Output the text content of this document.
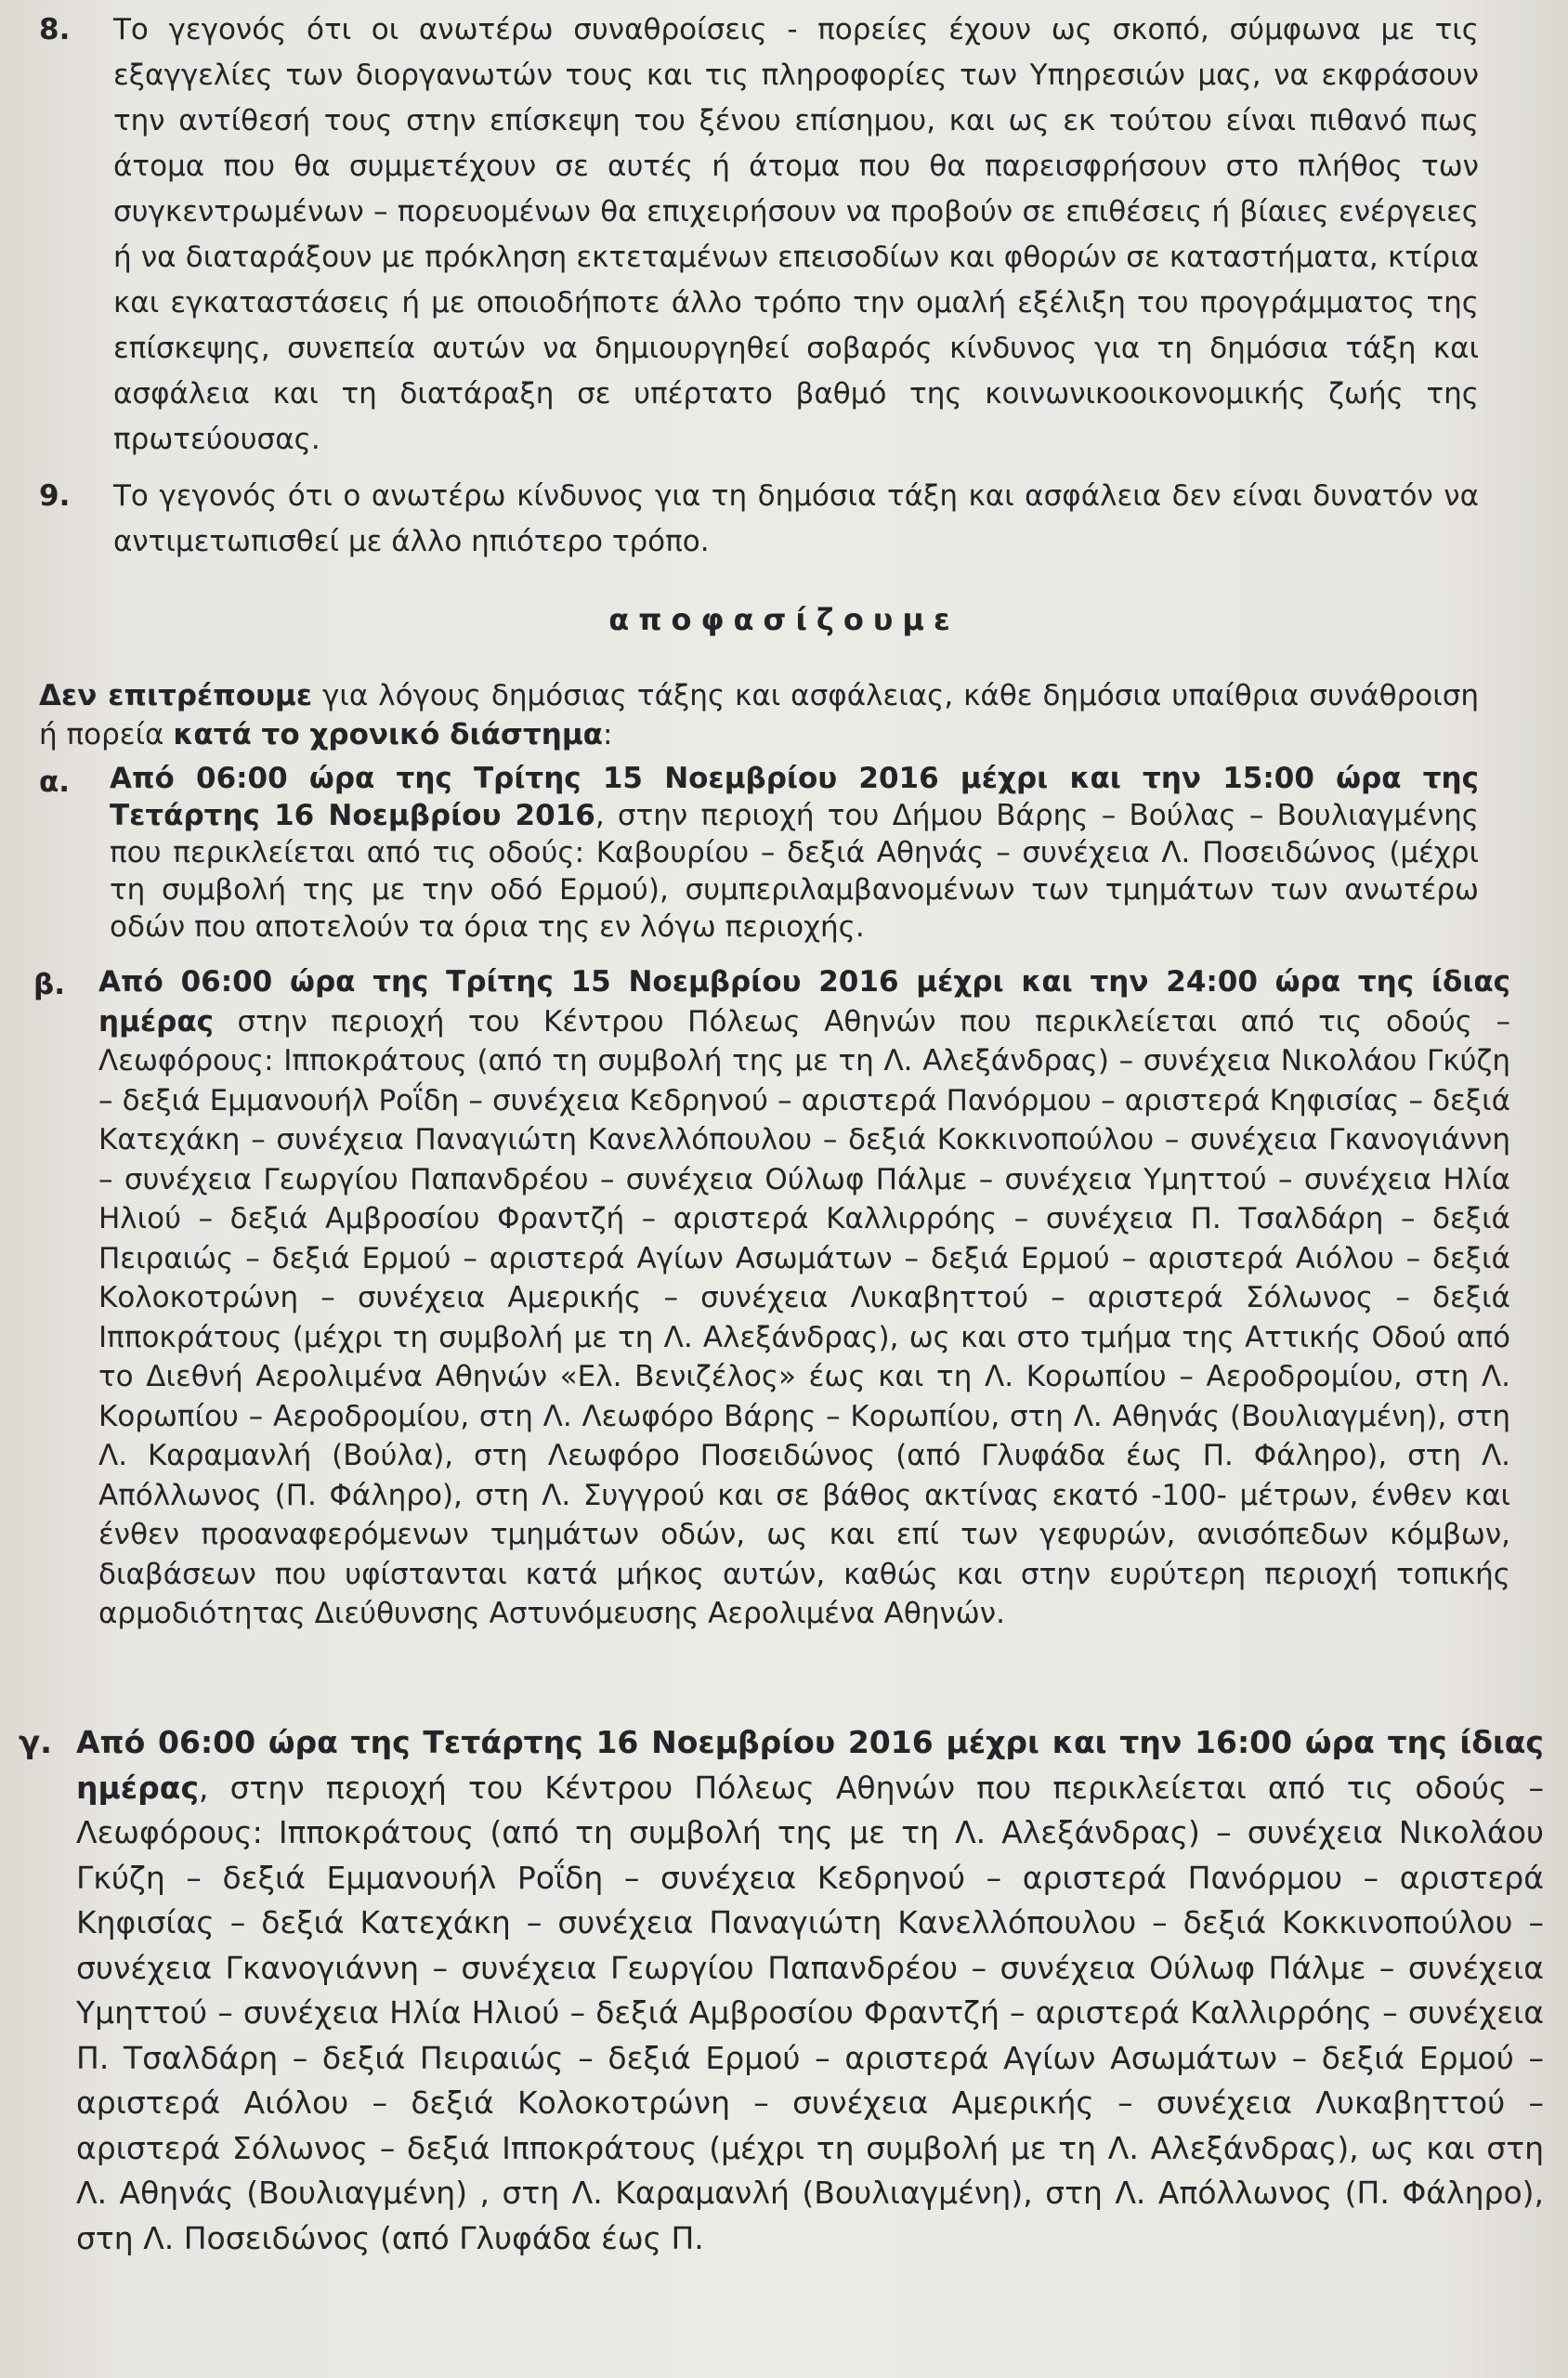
8. Το γεγονός ότι οι ανωτέρω συναθροίσεις - πορείες έχουν ως σκοπό, σύμφωνα με τις εξαγγελίες των διοργανωτών τους και τις πληροφορίες των Υπηρεσιών μας, να εκφράσουν την αντίθεσή τους στην επίσκεψη του ξένου επίσημου, και ως εκ τούτου είναι πιθανό πως άτομα που θα συμμετέχουν σε αυτές ή άτομα που θα παρεισφρήσουν στο πλήθος των συγκεντρωμένων – πορευομένων θα επιχειρήσουν να προβούν σε επιθέσεις ή βίαιες ενέργειες ή να διαταράξουν με πρόκληση εκτεταμένων επεισοδίων και φθορών σε καταστήματα, κτίρια και εγκαταστάσεις ή με οποιοδήποτε άλλο τρόπο την ομαλή εξέλιξη του προγράμματος της επίσκεψης, συνεπεία αυτών να δημιουργηθεί σοβαρός κίνδυνος για τη δημόσια τάξη και ασφάλεια και τη διατάραξη σε υπέρτατο βαθμό της κοινωνικοοικονομικής ζωής της πρωτεύουσας.
9. Το γεγονός ότι ο ανωτέρω κίνδυνος για τη δημόσια τάξη και ασφάλεια δεν είναι δυνατόν να αντιμετωπισθεί με άλλο ηπιότερο τρόπο.
αποφασίζουμε
Δεν επιτρέπουμε για λόγους δημόσιας τάξης και ασφάλειας, κάθε δημόσια υπαίθρια συνάθροιση ή πορεία κατά το χρονικό διάστημα:
α. Από 06:00 ώρα της Τρίτης 15 Νοεμβρίου 2016 μέχρι και την 15:00 ώρα της Τετάρτης 16 Νοεμβρίου 2016, στην περιοχή του Δήμου Βάρης – Βούλας – Βουλιαγμένης που περικλείεται από τις οδούς: Καβουρίου – δεξιά Αθηνάς – συνέχεια Λ. Ποσειδώνος (μέχρι τη συμβολή της με την οδό Ερμού), συμπεριλαμβανομένων των τμημάτων των ανωτέρω οδών που αποτελούν τα όρια της εν λόγω περιοχής.
β. Από 06:00 ώρα της Τρίτης 15 Νοεμβρίου 2016 μέχρι και την 24:00 ώρα της ίδιας ημέρας στην περιοχή του Κέντρου Πόλεως Αθηνών που περικλείεται από τις οδούς – Λεωφόρους: Ιπποκράτους (από τη συμβολή της με τη Λ. Αλεξάνδρας) – συνέχεια Νικολάου Γκύζη – δεξιά Εμμανουήλ Ροΐδη – συνέχεια Κεδρηνού – αριστερά Πανόρμου – αριστερά Κηφισίας – δεξιά Κατεχάκη – συνέχεια Παναγιώτη Κανελλόπουλου – δεξιά Κοκκινοπούλου – συνέχεια Γκανογιάννη – συνέχεια Γεωργίου Παπανδρέου – συνέχεια Ούλωφ Πάλμε – συνέχεια Υμηττού – συνέχεια Ηλία Ηλιού – δεξιά Αμβροσίου Φραντζή – αριστερά Καλλιρρόης – συνέχεια Π. Τσαλδάρη – δεξιά Πειραιώς – δεξιά Ερμού – αριστερά Αγίων Ασωμάτων – δεξιά Ερμού – αριστερά Αιόλου – δεξιά Κολοκοτρώνη – συνέχεια Αμερικής – συνέχεια Λυκαβηττού – αριστερά Σόλωνος – δεξιά Ιπποκράτους (μέχρι τη συμβολή με τη Λ. Αλεξάνδρας), ως και στο τμήμα της Αττικής Οδού από το Διεθνή Αερολιμένα Αθηνών «Ελ. Βενιζέλος» έως και τη Λ. Κορωπίου – Αεροδρομίου, στη Λ. Κορωπίου – Αεροδρομίου, στη Λ. Λεωφόρο Βάρης – Κορωπίου, στη Λ. Αθηνάς (Βουλιαγμένη), στη Λ. Καραμανλή (Βούλα), στη Λεωφόρο Ποσειδώνος (από Γλυφάδα έως Π. Φάληρο), στη Λ. Απόλλωνος (Π. Φάληρο), στη Λ. Συγγρού και σε βάθος ακτίνας εκατό -100- μέτρων, ένθεν και ένθεν προαναφερόμενων τμημάτων οδών, ως και επί των γεφυρών, ανισόπεδων κόμβων, διαβάσεων που υφίστανται κατά μήκος αυτών, καθώς και στην ευρύτερη περιοχή τοπικής αρμοδιότητας Διεύθυνσης Αστυνόμευσης Αερολιμένα Αθηνών.
γ. Από 06:00 ώρα της Τετάρτης 16 Νοεμβρίου 2016 μέχρι και την 16:00 ώρα της ίδιας ημέρας, στην περιοχή του Κέντρου Πόλεως Αθηνών που περικλείεται από τις οδούς – Λεωφόρους: Ιπποκράτους (από τη συμβολή της με τη Λ. Αλεξάνδρας) – συνέχεια Νικολάου Γκύζη – δεξιά Εμμανουήλ Ροΐδη – συνέχεια Κεδρηνού – αριστερά Πανόρμου – αριστερά Κηφισίας – δεξιά Κατεχάκη – συνέχεια Παναγιώτη Κανελλόπουλου – δεξιά Κοκκινοπούλου – συνέχεια Γκανογιάννη – συνέχεια Γεωργίου Παπανδρέου – συνέχεια Ούλωφ Πάλμε – συνέχεια Υμηττού – συνέχεια Ηλία Ηλιού – δεξιά Αμβροσίου Φραντζή – αριστερά Καλλιρρόης – συνέχεια Π. Τσαλδάρη – δεξιά Πειραιώς – δεξιά Ερμού – αριστερά Αγίων Ασωμάτων – δεξιά Ερμού – αριστερά Αιόλου – δεξιά Κολοκοτρώνη – συνέχεια Αμερικής – συνέχεια Λυκαβηττού – αριστερά Σόλωνος – δεξιά Ιπποκράτους (μέχρι τη συμβολή με τη Λ. Αλεξάνδρας), ως και στη Λ. Αθηνάς (Βουλιαγμένη) , στη Λ. Καραμανλή (Βουλιαγμένη), στη Λ. Απόλλωνος (Π. Φάληρο), στη Λ. Ποσειδώνος (από Γλυφάδα έως Π.
